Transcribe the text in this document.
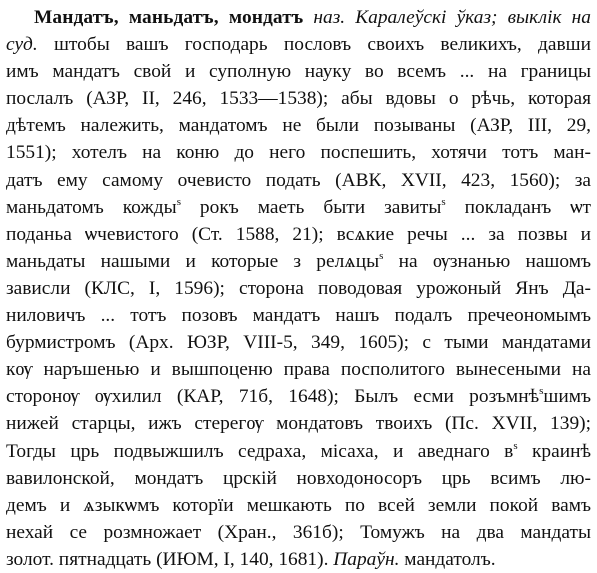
Мандатъ, маньдатъ, мондатъ наз. Каралеўскі ўказ; выклік на
суд. штобы вашъ господарь пословъ своихъ великихъ, давши
имъ мандатъ свой и суполную науку во всемъ ... на границы
послалъ (АЗР, II, 246, 1533—1538); абы вдовы о рѣчь, которая
дѣтемъ належить, мандатомъ не были позываны (АЗР, III, 29,
1551); хотелъ на коню до него поспешить, хотячи тотъ ман-
датъ ему самому очевисто подать (АВК, XVII, 423, 1560); за
маньдатомъ кожды$^s$ рокъ маеть быти завиты$^s$ покладанъ ѡт
поданьа ѡчевистого (Ст. 1588, 21); всѧкие речы ... за позвы и
маньдаты нашыми и которые з релѧцы$^s$ на ѹзнанью нашомъ
зависли (КЛС, I, 1596); сторона поводовая урожоный Янъ Да-
ниловичъ ... тотъ позовъ мандатъ нашъ подалъ пречеономымъ
бурмистромъ (Арх. ЮЗР, VIII-5, 349, 1605); с тыми мандатами
кѹ наръшенью и вышпоценю права посполитого вынесеными на
сторонѹ ѹхилил (КАР, 71б, 1648); Былъ есми розъмнѣ$^s$шимъ
нижей старцы, ижъ стерегѹ мондатовъ твоихъ (Пс. XVII, 139);
Тогды црь подвыжшилъ седраха, місаха, и аведнаго $в^s$ краинѣ
вавилонской, мондатъ црскій новходоносоръ црь всимъ лю-
демъ и ѧзыкѡмъ которїи мешкають по всей земли покой вамъ
нехай се розмножает (Хран., 361б); Томужъ на два мандаты
золот. пятнадцать (ИЮМ, I, 140, 1681). Параўн. мандатолъ.
